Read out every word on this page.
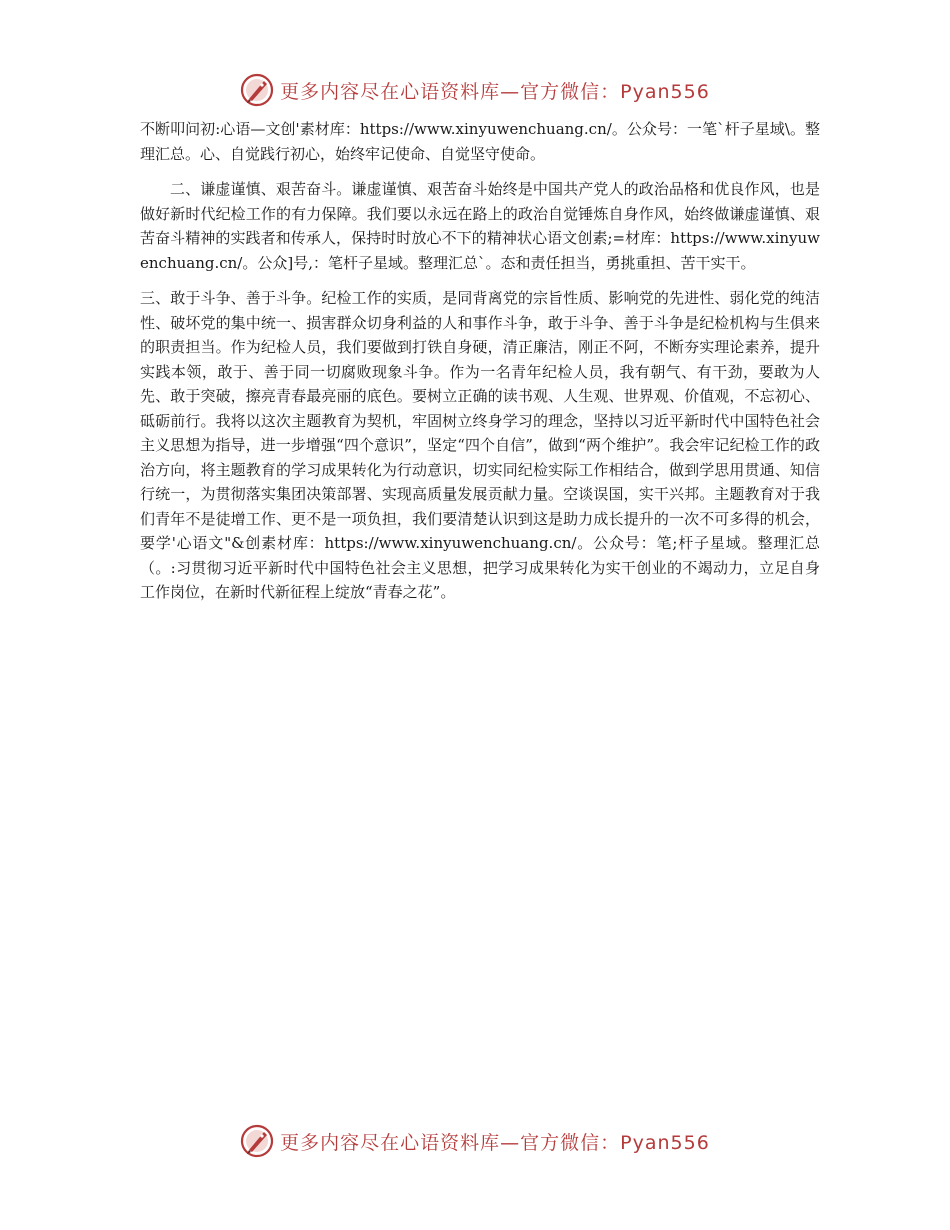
更多内容尽在心语资料库—官方微信：Pyan556

不断叩问初:心语—文创'素材库：https://www.xinyuwenchuang.cn/。公众号：一笔`杆子星域\。整理汇总。心、自觉践行初心，始终牢记使命、自觉坚守使命。

二、谦虚谨慎、艰苦奋斗。谦虚谨慎、艰苦奋斗始终是中国共产党人的政治品格和优良作风，也是做好新时代纪检工作的有力保障。我们要以永远在路上的政治自觉锤炼自身作风，始终做谦虚谨慎、艰苦奋斗精神的实践者和传承人，保持时时放心不下的精神状心语文创素;=材库：https://www.xinyuwenchuang.cn/。公众]号,：笔杆子星域。整理汇总`。态和责任担当，勇挑重担、苦干实干。

三、敢于斗争、善于斗争。纪检工作的实质，是同背离党的宗旨性质、影响党的先进性、弱化党的纯洁性、破坏党的集中统一、损害群众切身利益的人和事作斗争，敢于斗争、善于斗争是纪检机构与生俱来的职责担当。作为纪检人员，我们要做到打铁自身硬，清正廉洁，刚正不阿，不断夯实理论素养，提升实践本领，敢于、善于同一切腐败现象斗争。作为一名青年纪检人员，我有朝气、有干劲，要敢为人先、敢于突破，擦亮青春最亮丽的底色。要树立正确的读书观、人生观、世界观、价值观，不忘初心、砥砺前行。我将以这次主题教育为契机，牢固树立终身学习的理念，坚持以习近平新时代中国特色社会主义思想为指导，进一步增强“四个意识”，坚定“四个自信”，做到“两个维护”。我会牢记纪检工作的政治方向，将主题教育的学习成果转化为行动意识，切实同纪检实际工作相结合，做到学思用贯通、知信行统一，为贯彻落实集团决策部署、实现高质量发展贡献力量。空谈误国，实干兴邦。主题教育对于我们青年不是徒增工作、更不是一项负担，我们要清楚认识到这是助力成长提升的一次不可多得的机会，要学'心语文"&创素材库：https://www.xinyuwenchuang.cn/。公众号：笔;杆子星域。整理汇总（。:习贯彻习近平新时代中国特色社会主义思想，把学习成果转化为实干创业的不竭动力，立足自身工作岗位，在新时代新征程上绽放“青春之花”。

更多内容尽在心语资料库—官方微信：Pyan556
